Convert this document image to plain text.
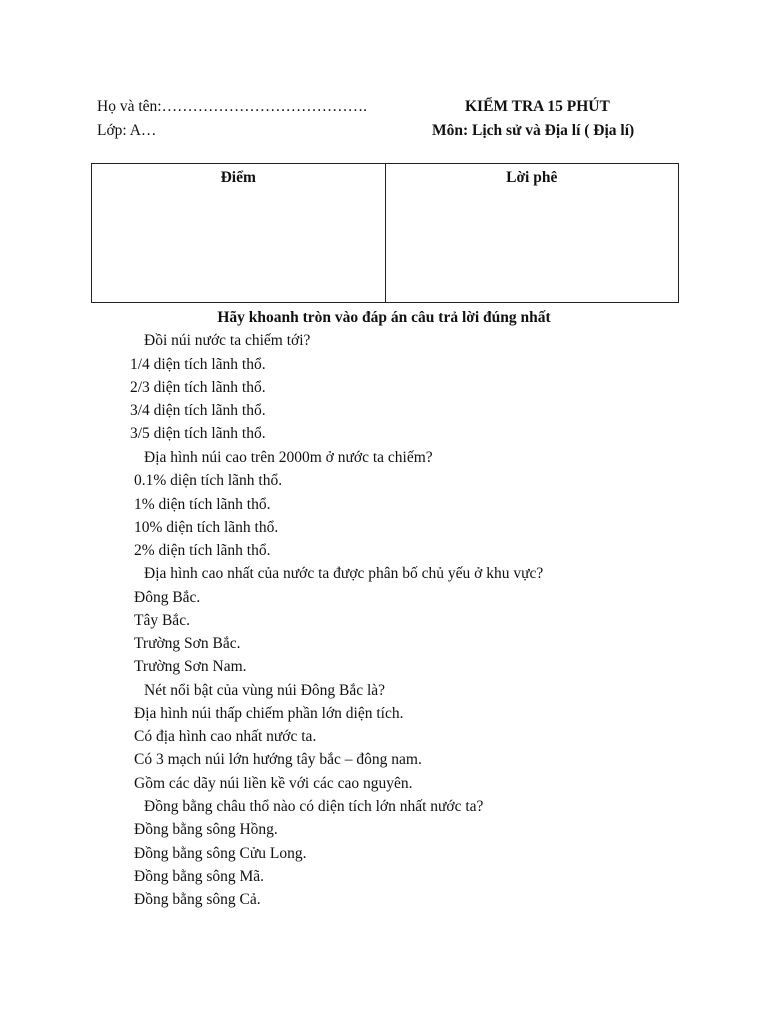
Họ và tên:………………………………….
Lớp: A…
KIỂM TRA 15 PHÚT
Môn: Lịch sử và Địa lí ( Địa lí)
Điểm	Lời phê
Hãy khoanh tròn vào đáp án câu trả lời đúng nhất
Đồi núi nước ta chiếm tới?
1/4 diện tích lãnh thổ.
2/3 diện tích lãnh thổ.
3/4 diện tích lãnh thổ.
3/5 diện tích lãnh thổ.
Địa hình núi cao trên 2000m ở nước ta chiếm?
0.1% diện tích lãnh thổ.
1% diện tích lãnh thổ.
10% diện tích lãnh thổ.
2% diện tích lãnh thổ.
Địa hình cao nhất của nước ta được phân bố chủ yếu ở khu vực?
Đông Bắc.
Tây Bắc.
Trường Sơn Bắc.
Trường Sơn Nam.
Nét nổi bật của vùng núi Đông Bắc là?
Địa hình núi thấp chiếm phần lớn diện tích.
Có địa hình cao nhất nước ta.
Có 3 mạch núi lớn hướng tây bắc – đông nam.
Gồm các dãy núi liền kề với các cao nguyên.
Đồng bằng châu thổ nào có diện tích lớn nhất nước ta?
Đồng bằng sông Hồng.
Đồng bằng sông Cửu Long.
Đồng bằng sông Mã.
Đồng bằng sông Cả.
